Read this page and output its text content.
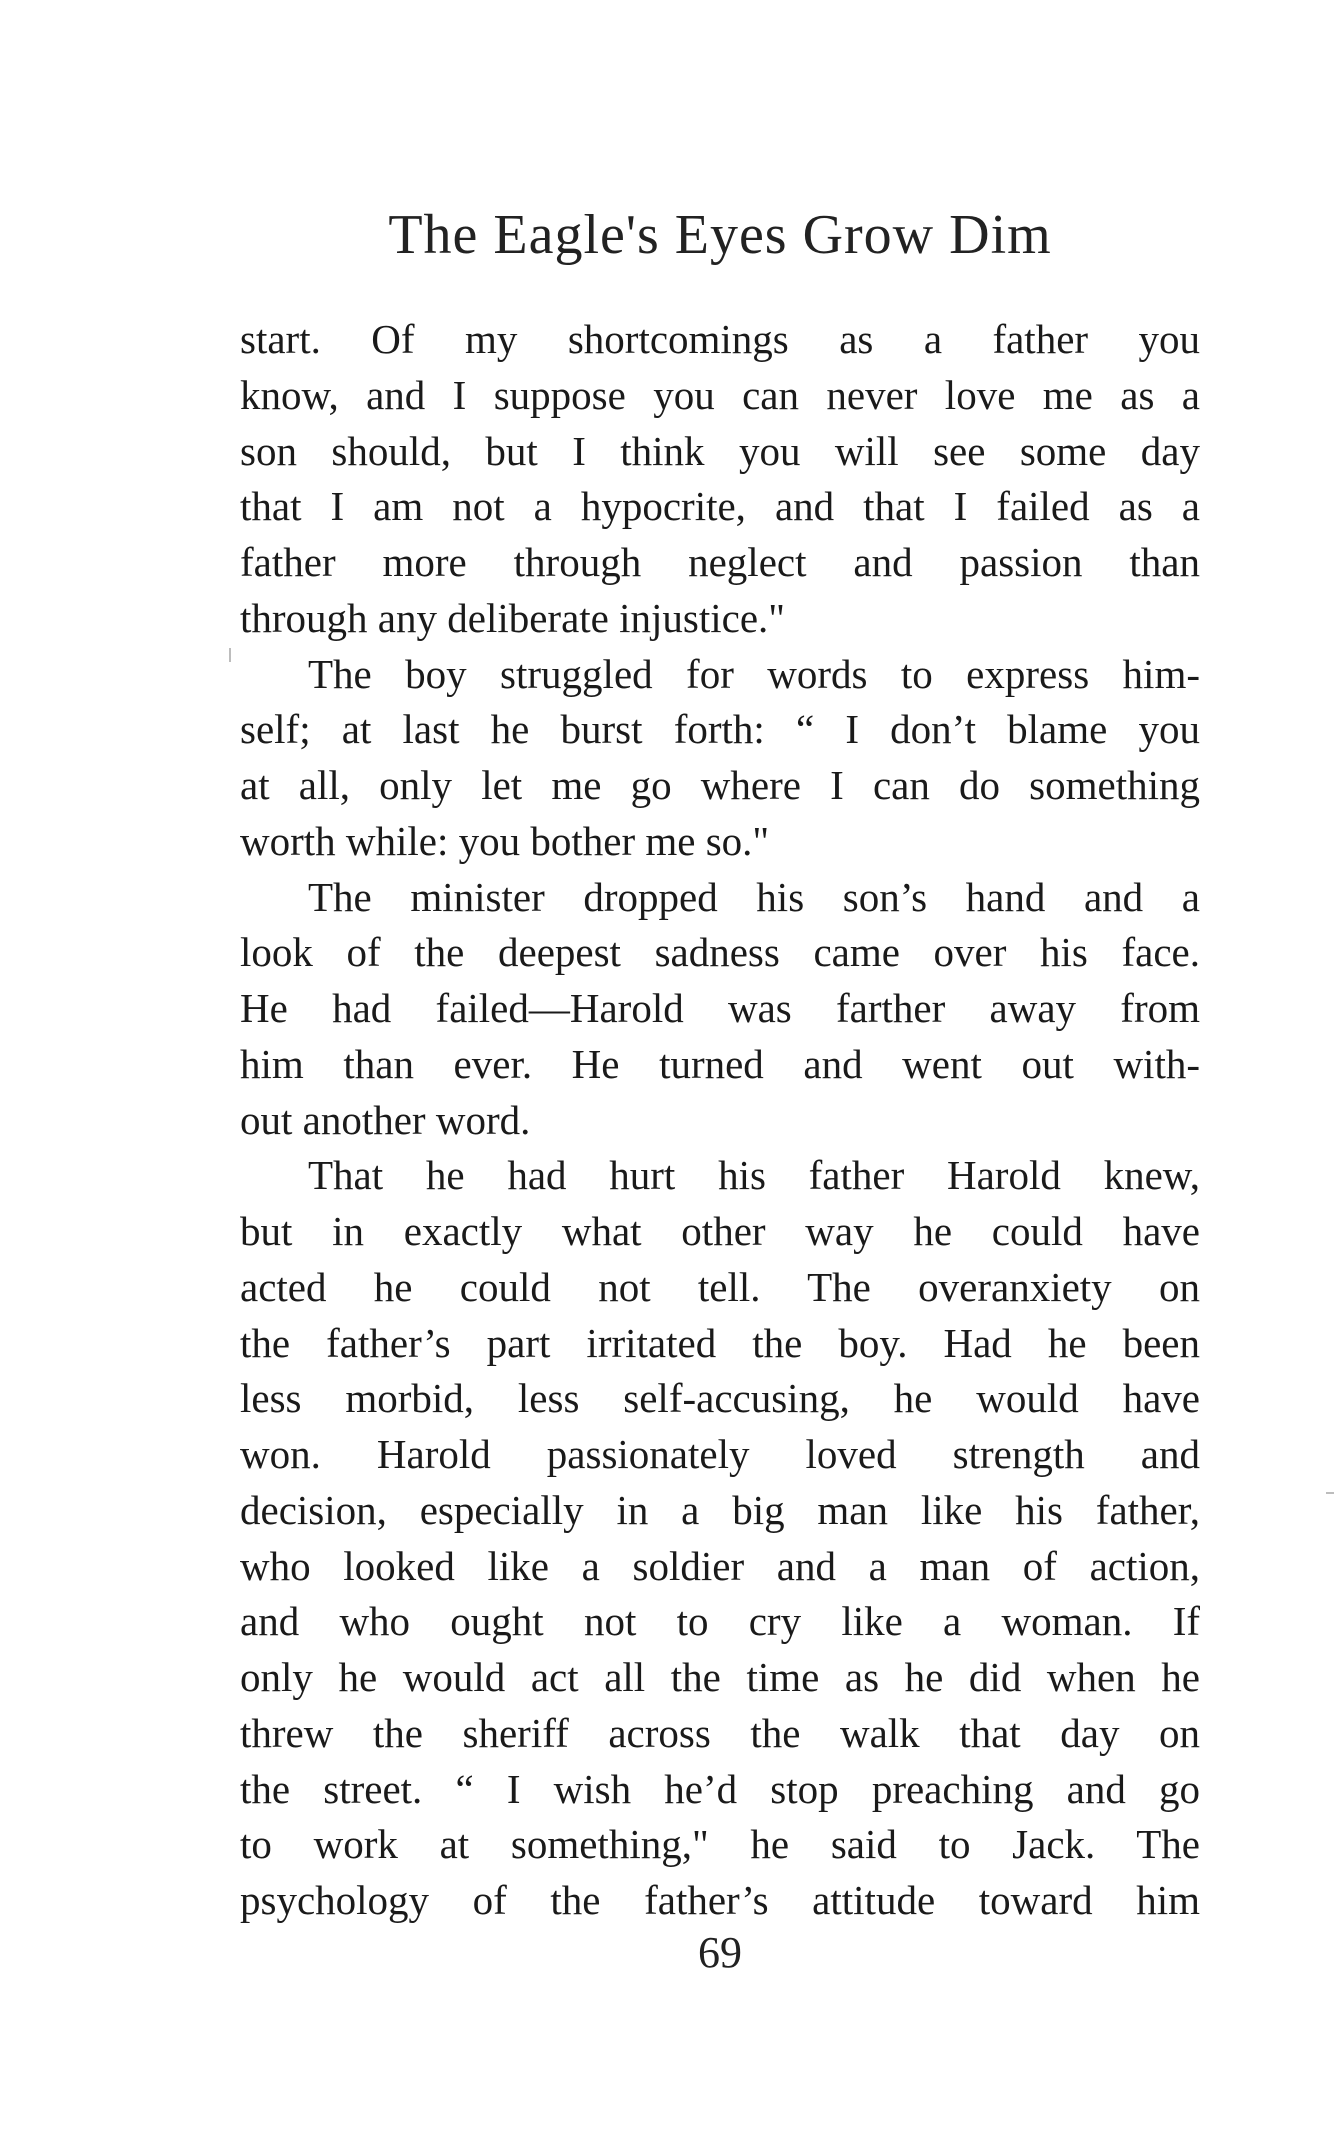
The Eagle's Eyes Grow Dim
start. Of my shortcomings as a father you
know, and I suppose you can never love me as a
son should, but I think you will see some day
that I am not a hypocrite, and that I failed as a
father more through neglect and passion than
through any deliberate injustice."
The boy struggled for words to express him-
self; at last he burst forth: “ I don’t blame you
at all, only let me go where I can do something
worth while: you bother me so."
The minister dropped his son’s hand and a
look of the deepest sadness came over his face.
He had failed—Harold was farther away from
him than ever. He turned and went out with-
out another word.
That he had hurt his father Harold knew,
but in exactly what other way he could have
acted he could not tell. The overanxiety on
the father’s part irritated the boy. Had he been
less morbid, less self-accusing, he would have
won. Harold passionately loved strength and
decision, especially in a big man like his father,
who looked like a soldier and a man of action,
and who ought not to cry like a woman. If
only he would act all the time as he did when he
threw the sheriff across the walk that day on
the street. “ I wish he’d stop preaching and go
to work at something," he said to Jack. The
psychology of the father’s attitude toward him
69
